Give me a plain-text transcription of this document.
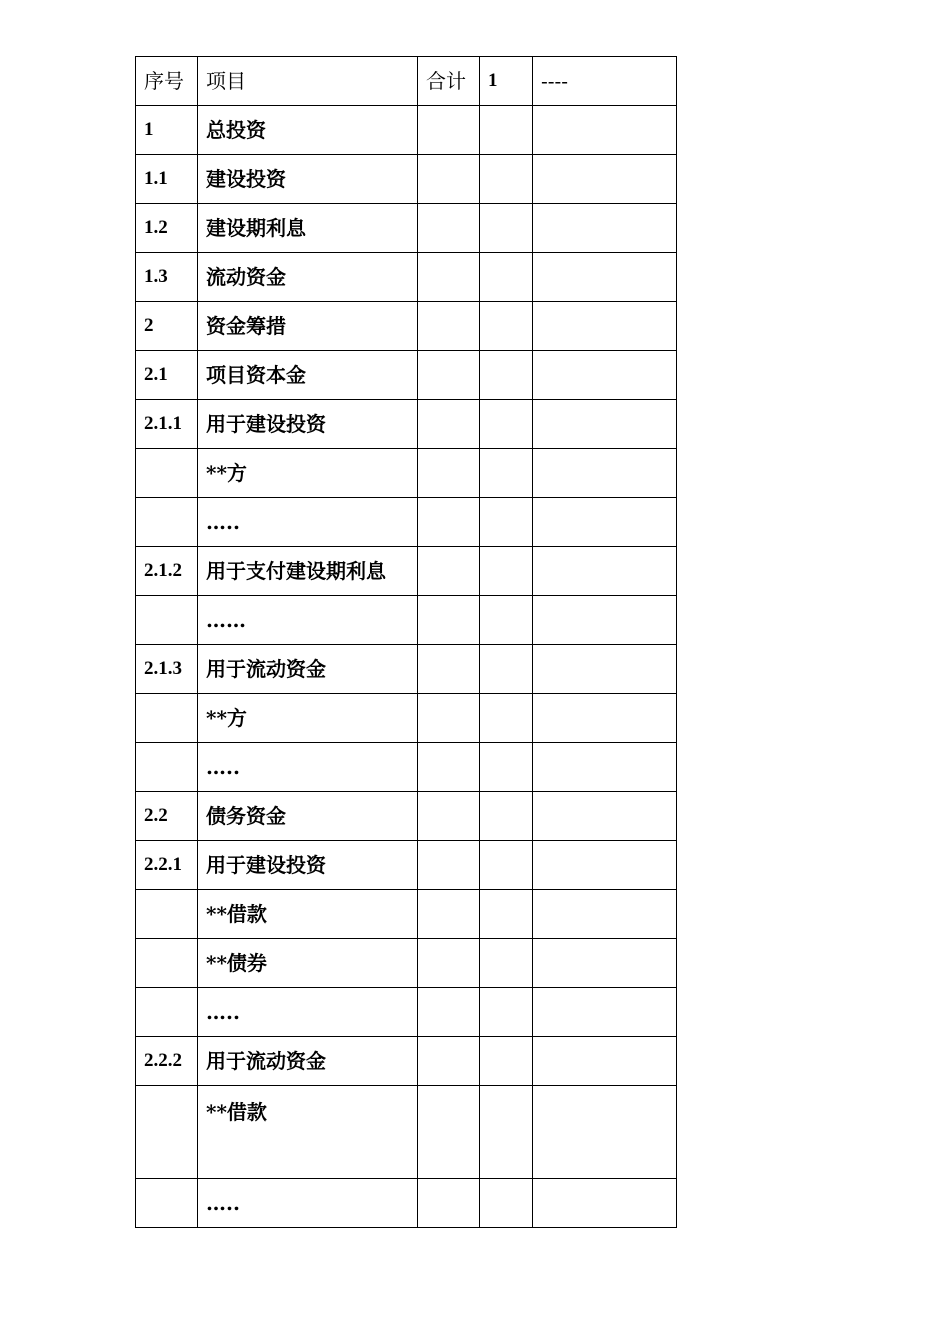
序号	项目	合计	1	----
1	总投资			
1.1	建设投资			
1.2	建设期利息			
1.3	流动资金			
2	资金筹措			
2.1	项目资本金			
2.1.1	用于建设投资			
	**方			
	…..			
2.1.2	用于支付建设期利息			
	……			
2.1.3	用于流动资金			
	**方			
	…..			
2.2	债务资金			
2.2.1	用于建设投资			
	**借款			
	**债券			
	…..			
2.2.2	用于流动资金			
	**借款			
	…..			
